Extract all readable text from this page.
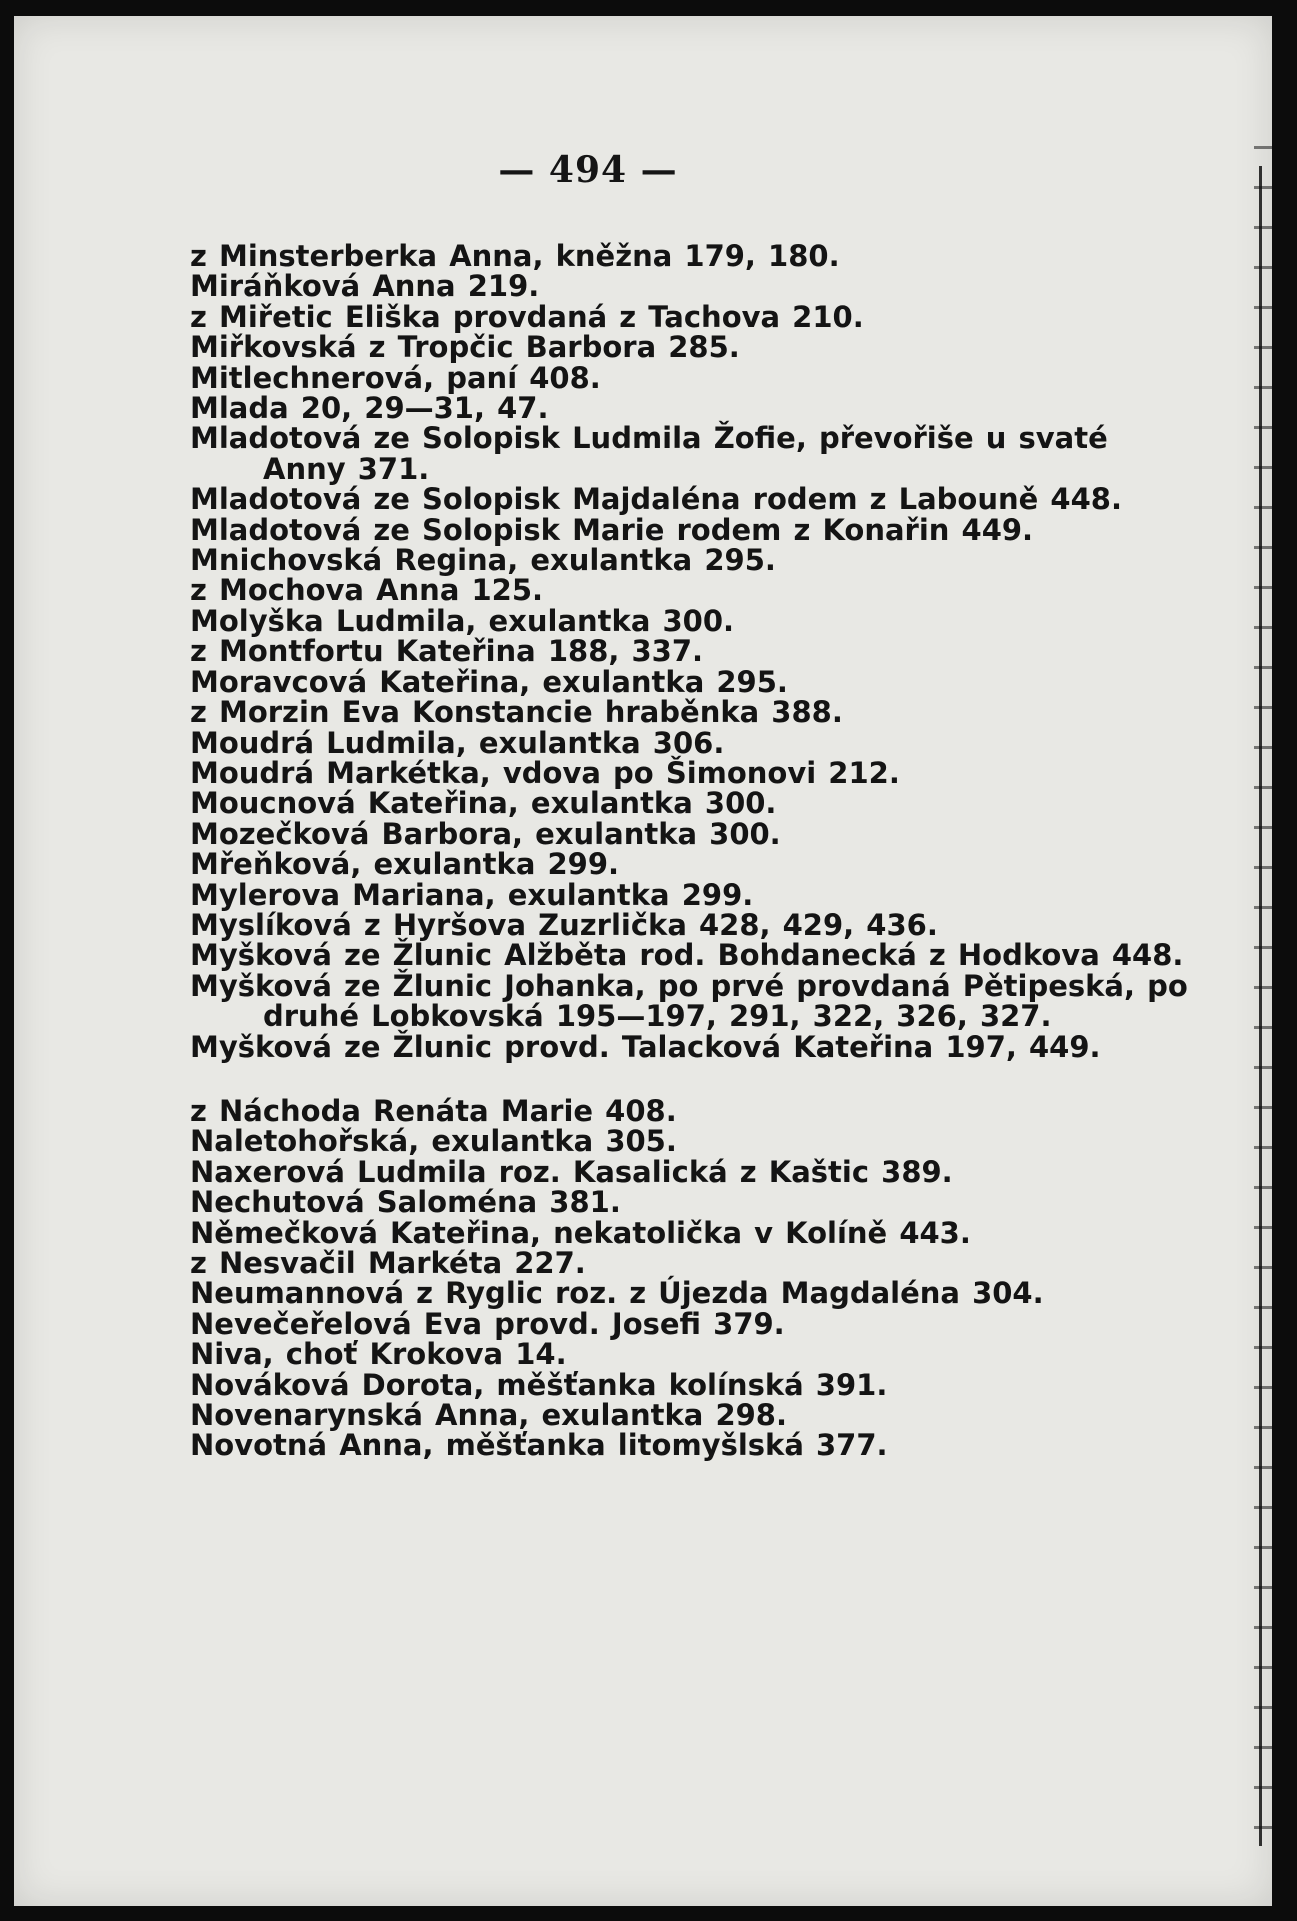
— 494 —

z Minsterberka Anna, kněžna 179, 180.

Miráňková Anna 219.

z Miřetic Eliška provdaná z Tachova 210.

Miřkovská z Tropčic Barbora 285.

Mitlechnerová, paní 408.

Mlada 20, 29—31, 47.

Mladotová ze Solopisk Ludmila Žofie, převořiše u svaté Anny 371.

Mladotová ze Solopisk Majdaléna rodem z Labouně 448.

Mladotová ze Solopisk Marie rodem z Konařin 449.

Mnichovská Regina, exulantka 295.

z Mochova Anna 125.

Molyška Ludmila, exulantka 300.

z Montfortu Kateřina 188, 337.

Moravcová Kateřina, exulantka 295.

z Morzin Eva Konstancie hraběnka 388.

Moudrá Ludmila, exulantka 306.

Moudrá Markétka, vdova po Šimonovi 212.

Moucnová Kateřina, exulantka 300.

Mozečková Barbora, exulantka 300.

Mřeňková, exulantka 299.

Mylerova Mariana, exulantka 299.

Myslíková z Hyršova Zuzrlička 428, 429, 436.

Myšková ze Žlunic Alžběta rod. Bohdanecká z Hodkova 448.

Myšková ze Žlunic Johanka, po prvé provdaná Pětipeská, po druhé Lobkovská 195—197, 291, 322, 326, 327.

Myšková ze Žlunic provd. Talacková Kateřina 197, 449.

z Náchoda Renáta Marie 408.

Naletohořská, exulantka 305.

Naxerová Ludmila roz. Kasalická z Kaštic 389.

Nechutová Saloména 381.

Němečková Kateřina, nekatolička v Kolíně 443.

z Nesvačil Markéta 227.

Neumannová z Ryglic roz. z Újezda Magdaléna 304.

Nevečeřelová Eva provd. Josefi 379.

Niva, choť Krokova 14.

Nováková Dorota, měšťanka kolínská 391.

Novenarynská Anna, exulantka 298.

Novotná Anna, měšťanka litomyšlská 377.
